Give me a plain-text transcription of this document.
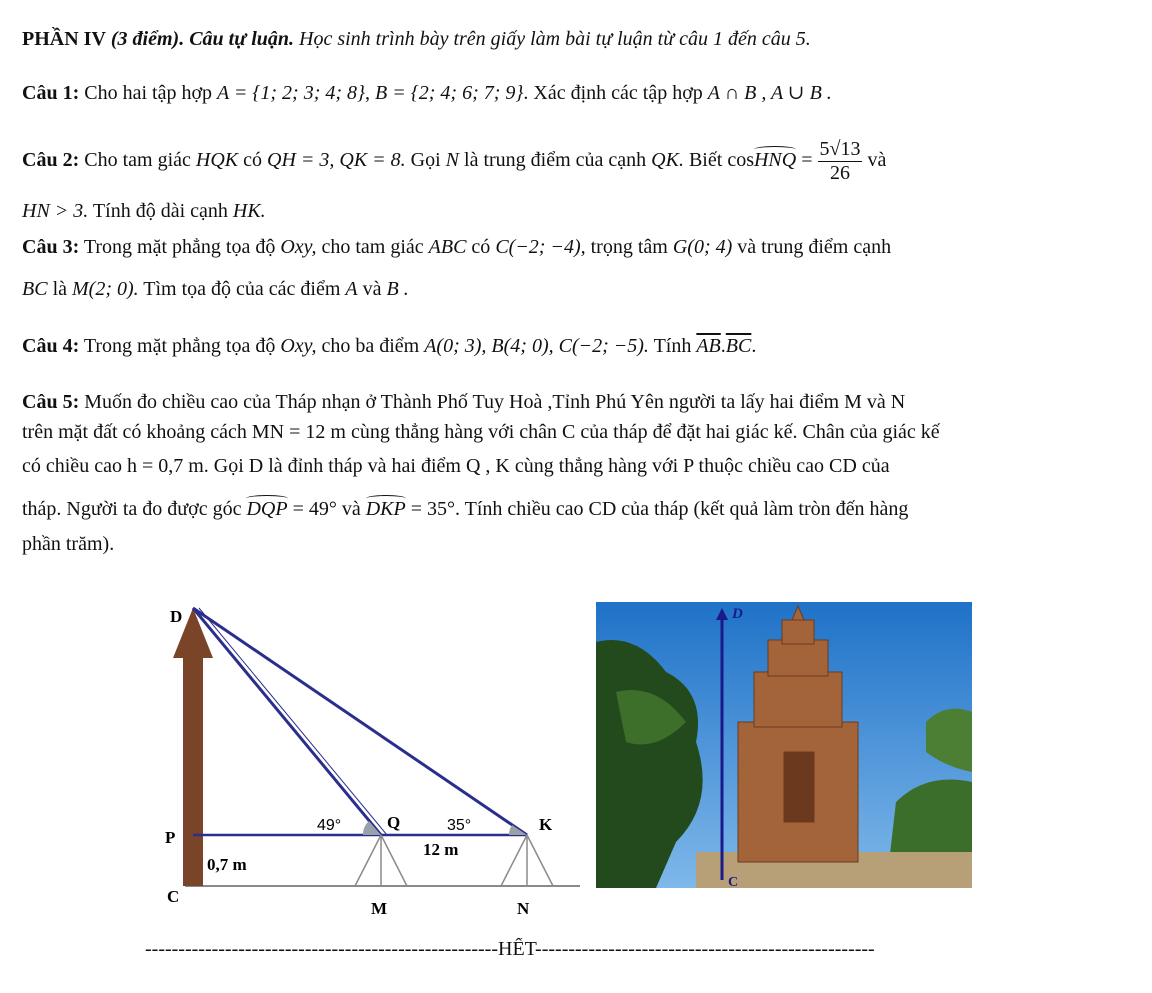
PHẦN IV (3 điểm). Câu tự luận. Học sinh trình bày trên giấy làm bài tự luận từ câu 1 đến câu 5.
Câu 1: Cho hai tập hợp A = {1; 2; 3; 4; 8}, B = {2; 4; 6; 7; 9}. Xác định các tập hợp A ∩ B , A ∪ B .
Câu 2: Cho tam giác HQK có QH = 3, QK = 8. Gọi N là trung điểm của cạnh QK. Biết cosHNQ = $\frac{5√13}{26}$ và
HN > 3. Tính độ dài cạnh HK.
Câu 3: Trong mặt phẳng tọa độ Oxy, cho tam giác ABC có C(−2; −4), trọng tâm G(0; 4) và trung điểm cạnh
BC là M(2; 0). Tìm tọa độ của các điểm A và B .
Câu 4: Trong mặt phẳng tọa độ Oxy, cho ba điểm A(0; 3), B(4; 0), C(−2; −5). Tính $\overline{AB}.\overline{BC}$.
Câu 5: Muốn đo chiều cao của Tháp nhạn ở Thành Phố Tuy Hoà ,Tỉnh Phú Yên người ta lấy hai điểm M và N
trên mặt đất có khoảng cách MN = 12 m cùng thẳng hàng với chân C của tháp để đặt hai giác kế. Chân của giác kế
có chiều cao h = 0,7 m. Gọi D là đỉnh tháp và hai điểm Q , K cùng thẳng hàng với P thuộc chiều cao CD của
tháp. Người ta đo được góc DQP = 49° và DKP = 35°. Tính chiều cao CD của tháp (kết quả làm tròn đến hàng
phần trăm).
D
P
C
Q	K
M	N
0,7 m
12 m
49°	35°
D
C
-----------------------------------------------------HẾT---------------------------------------------------
